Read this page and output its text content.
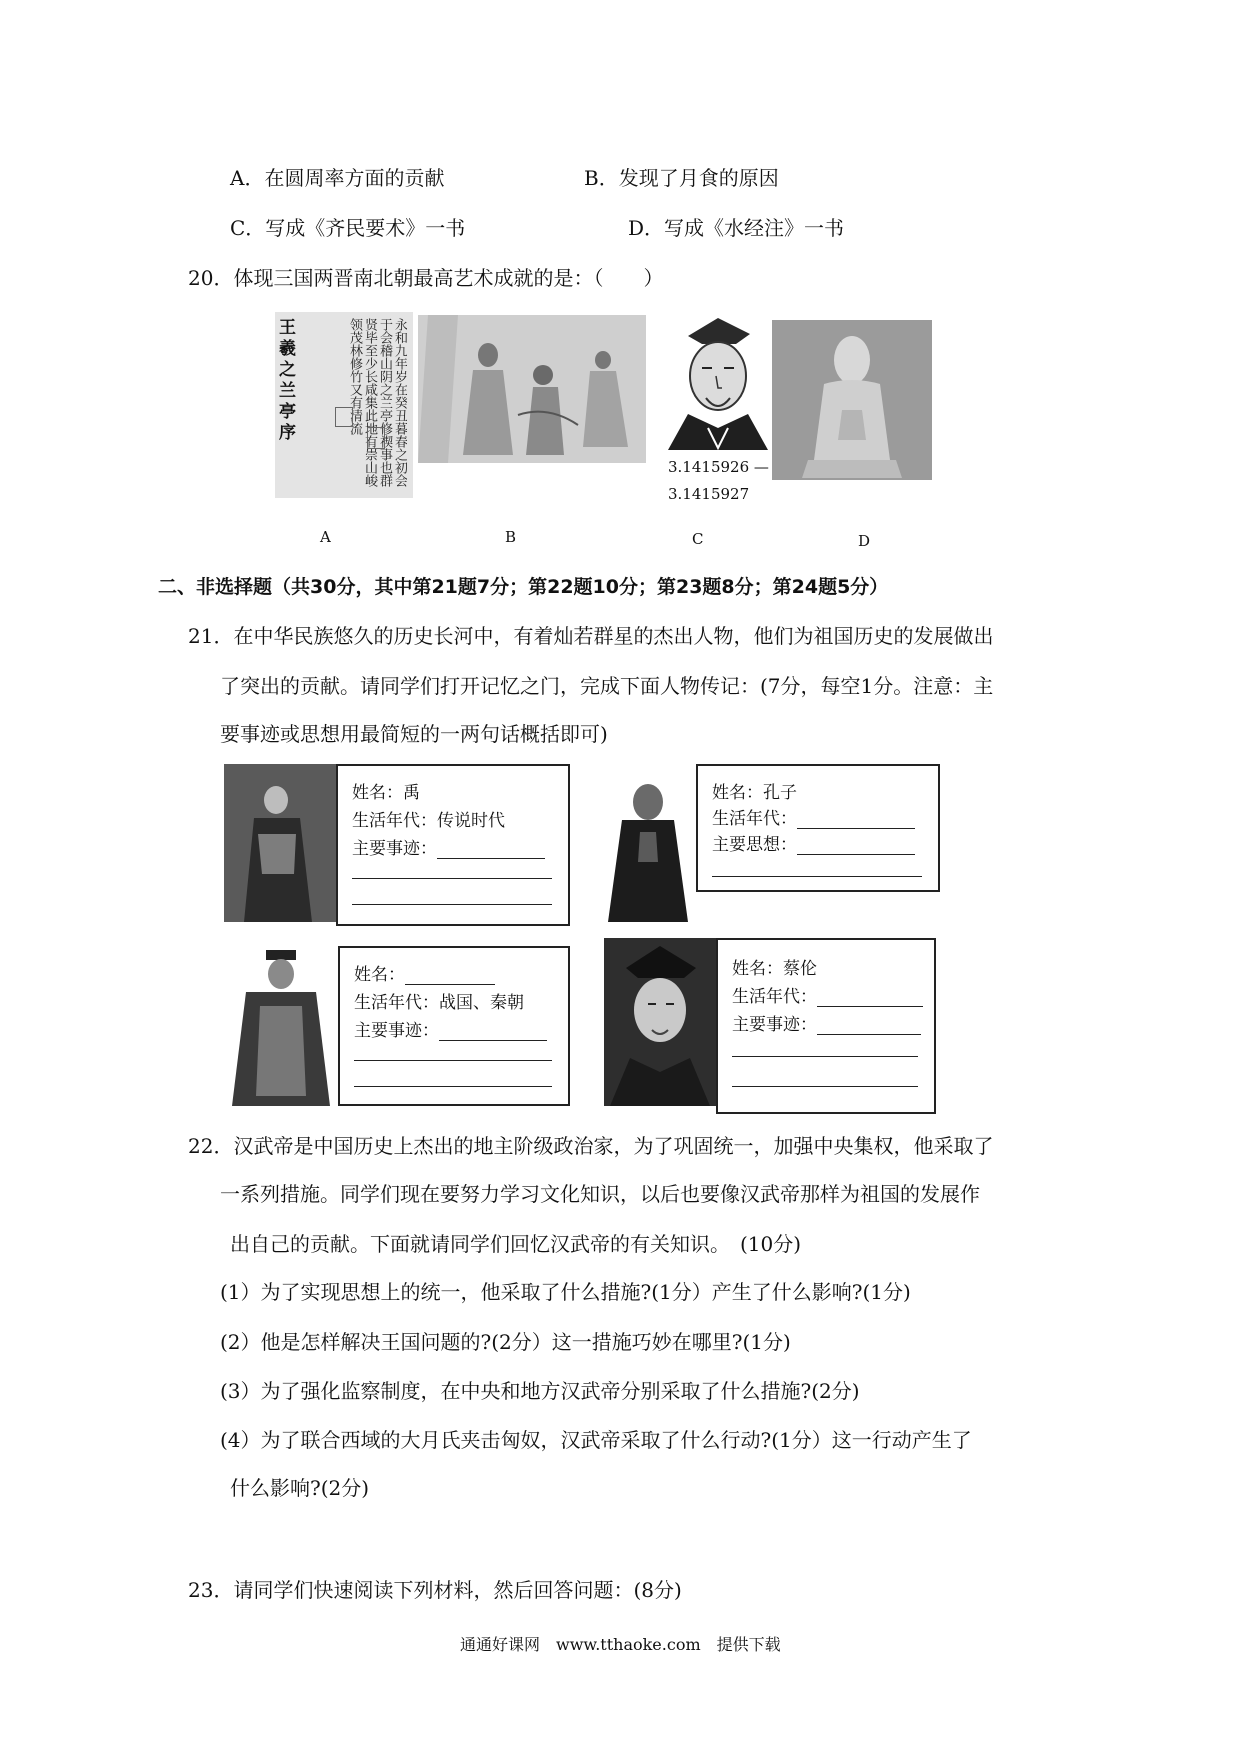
A．在圆周率方面的贡献	B．发现了月食的原因
C．写成《齐民要术》一书	D．写成《水经注》一书
20．体现三国两晋南北朝最高艺术成就的是：（　　）
王羲之兰亭序	永和九年岁在癸丑暮春之初会于会稽山阴之兰亭修禊事也群贤毕至少长咸集此地有崇山峻领茂林修竹又有清流
A	B
3.1415926 —
3.1415927
C	D
二、非选择题（共30分，其中第21题7分；第22题10分；第23题8分；第24题5分）
21．在中华民族悠久的历史长河中，有着灿若群星的杰出人物，他们为祖国历史的发展做出
了突出的贡献。请同学们打开记忆之门，完成下面人物传记：(7分，每空1分。注意：主
要事迹或思想用最简短的一两句话概括即可)
姓名：禹
生活年代：传说时代
主要事迹：
姓名：孔子
生活年代：
主要思想：
姓名：
生活年代：战国、秦朝
主要事迹：
姓名：蔡伦
生活年代：
主要事迹：
22．汉武帝是中国历史上杰出的地主阶级政治家，为了巩固统一，加强中央集权，他采取了
一系列措施。同学们现在要努力学习文化知识，以后也要像汉武帝那样为祖国的发展作
出自己的贡献。下面就请同学们回忆汉武帝的有关知识。　(10分)
(1）为了实现思想上的统一，他采取了什么措施?(1分）产生了什么影响?(1分)
(2）他是怎样解决王国问题的?(2分）这一措施巧妙在哪里?(1分)
(3）为了强化监察制度，在中央和地方汉武帝分别采取了什么措施?(2分)
(4）为了联合西域的大月氏夹击匈奴，汉武帝采取了什么行动?(1分）这一行动产生了
什么影响?(2分)
23．请同学们快速阅读下列材料，然后回答问题：(8分)
通通好课网　www.tthaoke.com　提供下载
